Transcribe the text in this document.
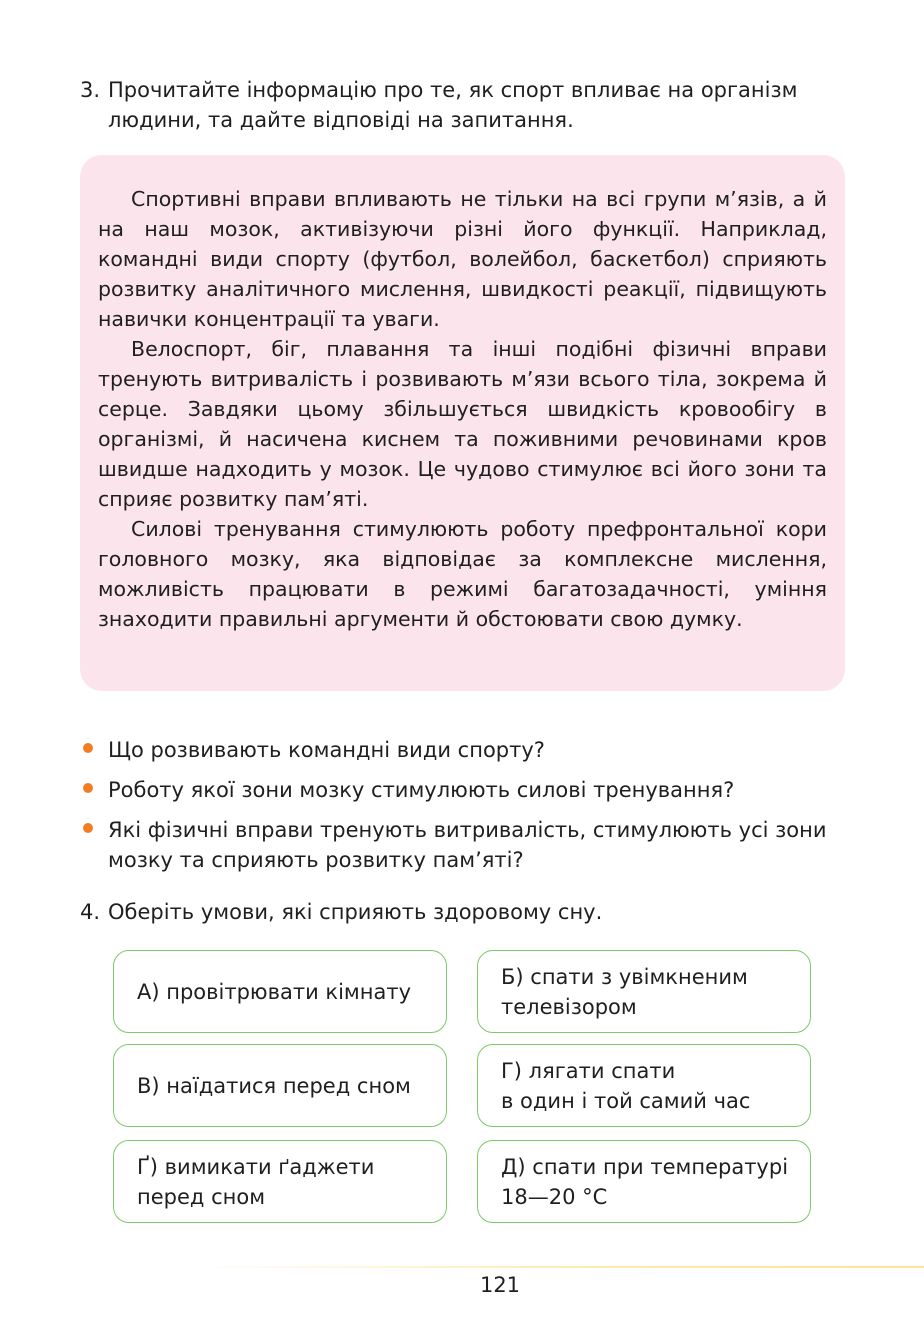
3. Прочитайте інформацію про те, як спорт впливає на організм людини, та дайте відповіді на запитання.

Спортивні вправи впливають не тільки на всі групи м’язів, а й на наш мозок, активізуючи різні його функції. Наприклад, командні види спорту (футбол, волейбол, баскетбол) сприяють розвитку аналітичного мислення, швидкості реакції, підвищують навички концентрації та уваги.

Велоспорт, біг, плавання та інші подібні фізичні вправи тренують витривалість і розвивають м’язи всього тіла, зокрема й серце. Завдяки цьому збільшується швидкість кровообігу в організмі, й насичена киснем та поживними речовинами кров швидше надходить у мозок. Це чудово стимулює всі його зони та сприяє розвитку пам’яті.

Силові тренування стимулюють роботу префронтальної кори головного мозку, яка відповідає за комплексне мислення, можливість працювати в режимі багатозадачності, уміння знаходити правильні аргументи й обстоювати свою думку.

Що розвивають командні види спорту?
Роботу якої зони мозку стимулюють силові тренування?
Які фізичні вправи тренують витривалість, стимулюють усі зони мозку та сприяють розвитку пам’яті?
4. Оберіть умови, які сприяють здоровому сну.
А) провітрювати кімнату
Б) спати з увімкненим
телевізором
В) наїдатися перед сном
Г) лягати спати
в один і той самий час
Ґ) вимикати ґаджети
перед сном
Д) спати при температурі
18—20 °C
121
